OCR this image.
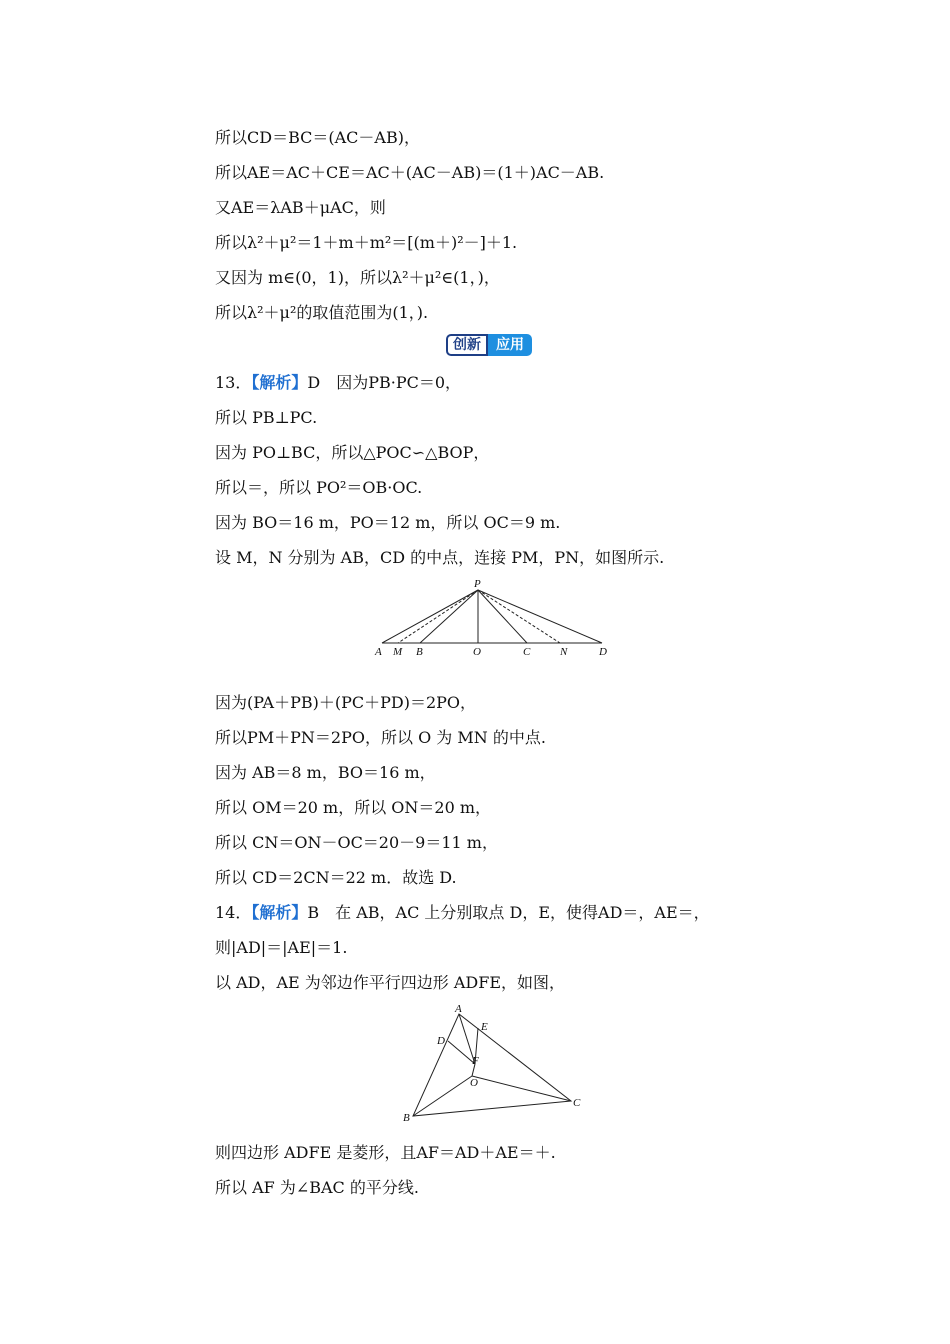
所以CD＝BC＝(AC－AB)，
所以AE＝AC＋CE＝AC＋(AC－AB)＝(1＋)AC－AB.
又AE＝λAB＋μAC，则
所以λ²＋μ²＝1＋m＋m²＝[(m＋)²－]＋1.
又因为 m∈(0，1)，所以λ²＋μ²∈(1，)，
所以λ²＋μ²的取值范围为(1，).
创新	应用
13．【解析】D　因为PB·PC＝0，
所以 PB⊥PC.
因为 PO⊥BC，所以△POC∽△BOP，
所以＝，所以 PO²＝OB·OC.
因为 BO＝16 m，PO＝12 m，所以 OC＝9 m.
设 M，N 分别为 AB，CD 的中点，连接 PM，PN，如图所示.
P
A M B	O	C	N	D
因为(PA＋PB)＋(PC＋PD)＝2PO，
所以PM＋PN＝2PO，所以 O 为 MN 的中点.
因为 AB＝8 m，BO＝16 m，
所以 OM＝20 m，所以 ON＝20 m，
所以 CN＝ON－OC＝20－9＝11 m，
所以 CD＝2CN＝22 m．故选 D.
14．【解析】B　在 AB，AC 上分别取点 D，E，使得AD＝，AE＝，
则|AD|＝|AE|＝1.
以 AD，AE 为邻边作平行四边形 ADFE，如图，
A
E
D
F
O
B
C
则四边形 ADFE 是菱形，且AF＝AD＋AE＝＋.
所以 AF 为∠BAC 的平分线.
